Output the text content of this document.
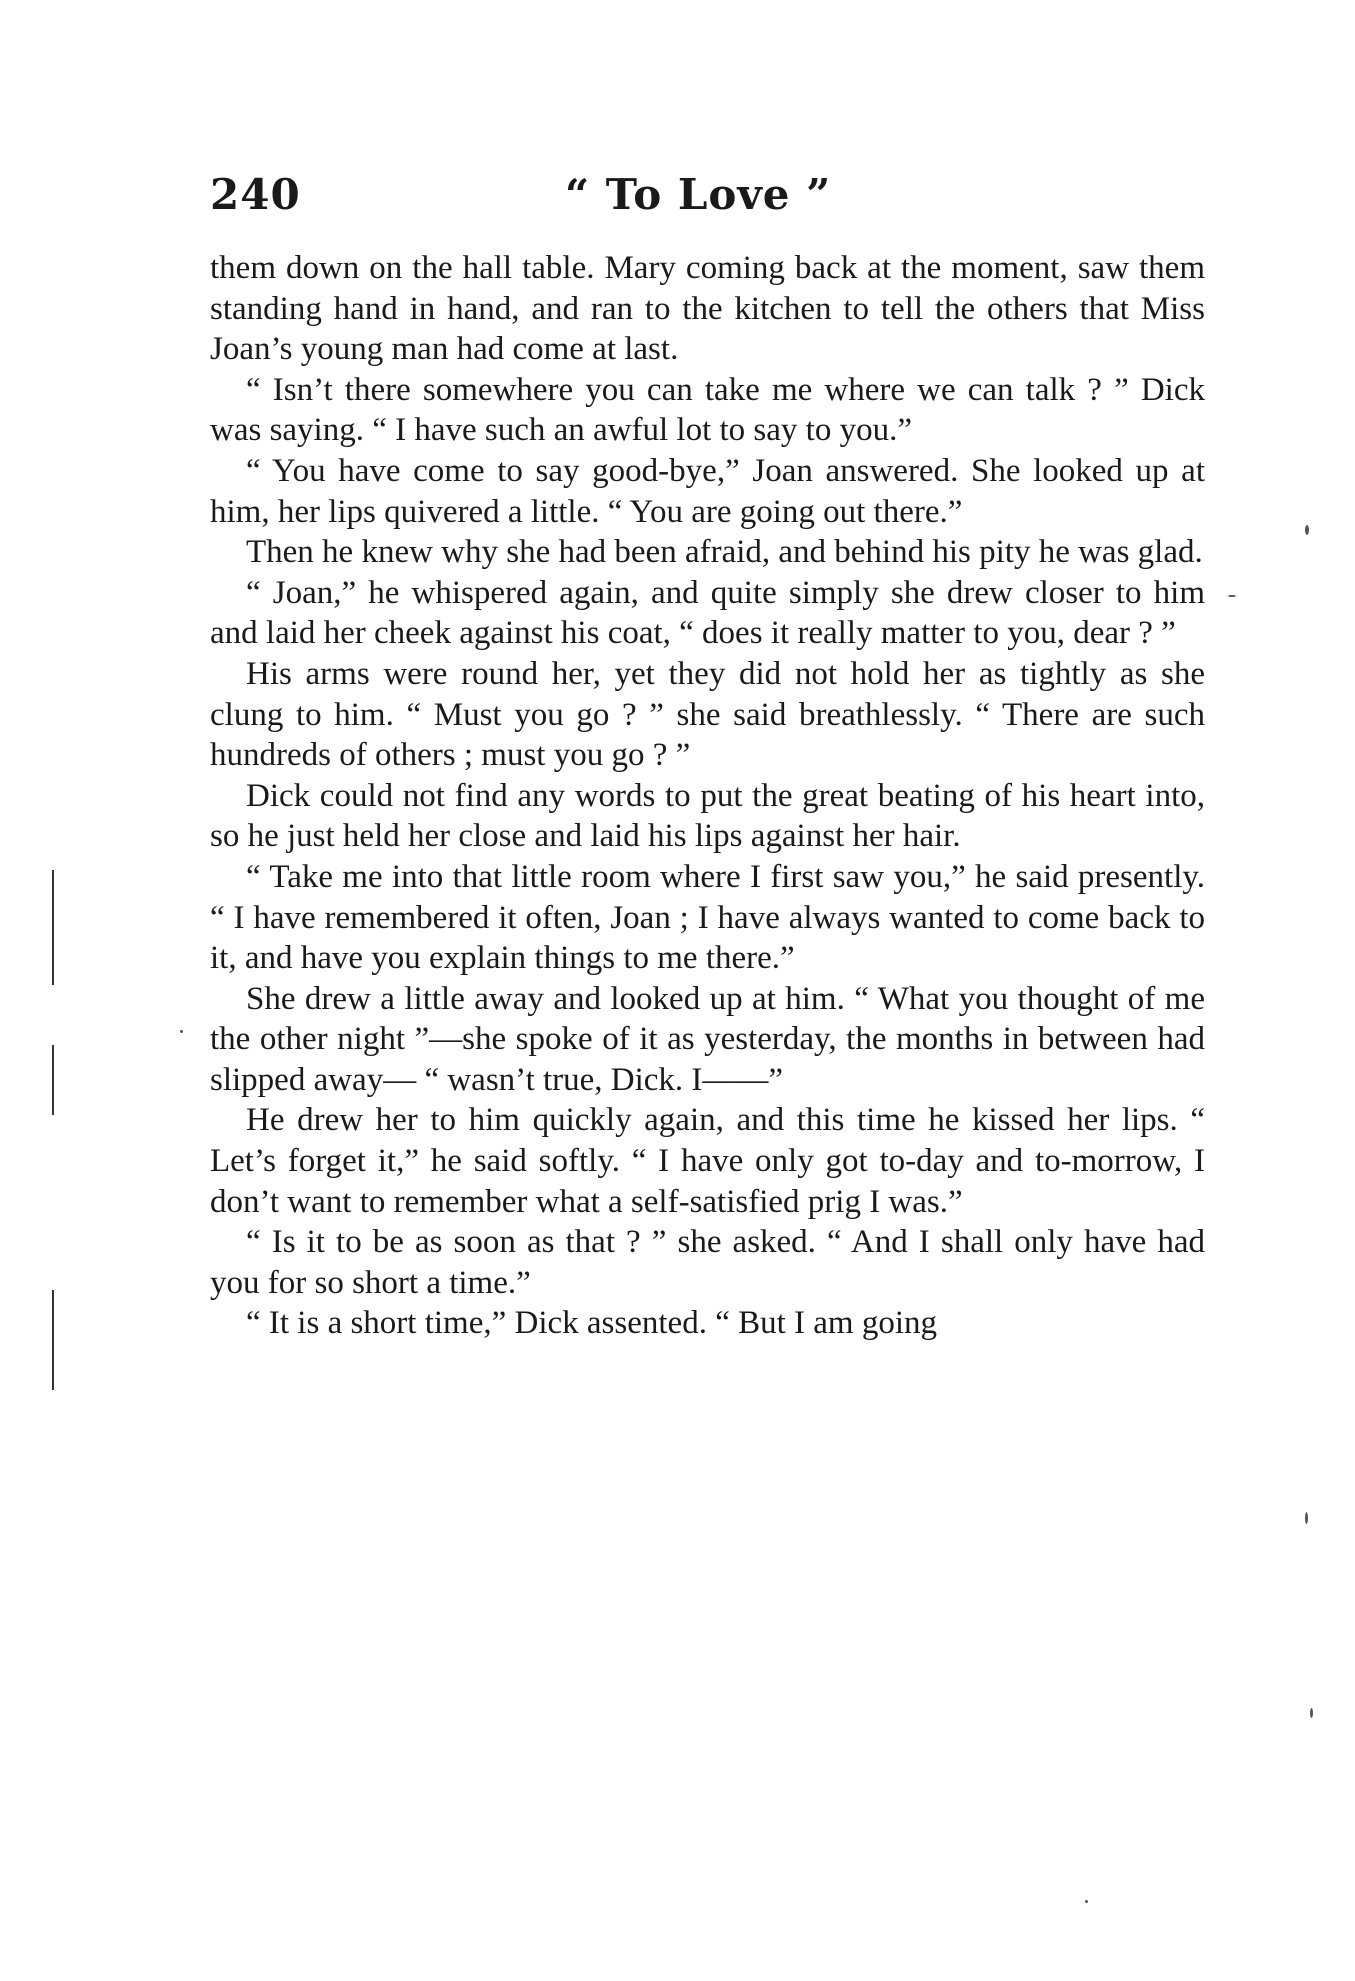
240	“ To Love ”

them down on the hall table. Mary coming back at the moment, saw them standing hand in hand, and ran to the kitchen to tell the others that Miss Joan’s young man had come at last.

“ Isn’t there somewhere you can take me where we can talk ? ” Dick was saying. “ I have such an awful lot to say to you.”

“ You have come to say good-bye,” Joan answered. She looked up at him, her lips quivered a little. “ You are going out there.”

Then he knew why she had been afraid, and behind his pity he was glad.

“ Joan,” he whispered again, and quite simply she drew closer to him and laid her cheek against his coat, “ does it really matter to you, dear ? ”

His arms were round her, yet they did not hold her as tightly as she clung to him. “ Must you go ? ” she said breathlessly. “ There are such hundreds of others ; must you go ? ”

Dick could not find any words to put the great beating of his heart into, so he just held her close and laid his lips against her hair.

“ Take me into that little room where I first saw you,” he said presently. “ I have remembered it often, Joan ; I have always wanted to come back to it, and have you explain things to me there.”

She drew a little away and looked up at him. “ What you thought of me the other night ”—she spoke of it as yesterday, the months in between had slipped away— “ wasn’t true, Dick. I——”

He drew her to him quickly again, and this time he kissed her lips. “ Let’s forget it,” he said softly. “ I have only got to-day and to-morrow, I don’t want to remember what a self-satisfied prig I was.”

“ Is it to be as soon as that ? ” she asked. “ And I shall only have had you for so short a time.”

“ It is a short time,” Dick assented. “ But I am going
